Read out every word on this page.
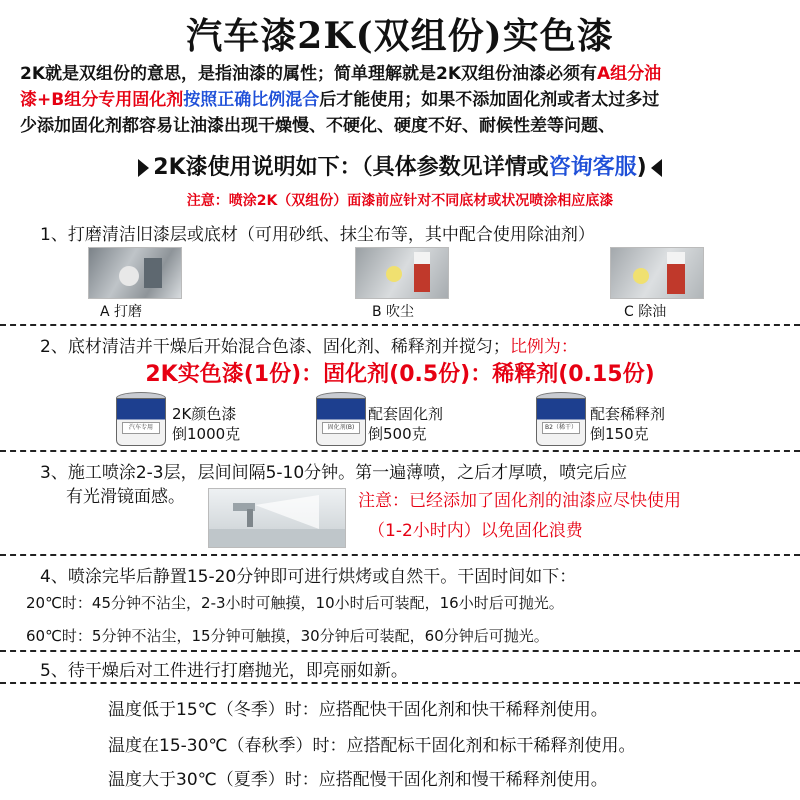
汽车漆2K(双组份)实色漆
2K就是双组份的意思，是指油漆的属性；简单理解就是2K双组份油漆必须有A组分油
漆+B组分专用固化剂按照正确比例混合后才能使用；如果不添加固化剂或者太过多过
少添加固化剂都容易让油漆出现干燥慢、不硬化、硬度不好、耐候性差等问题、
2K漆使用说明如下：（具体参数见详情或咨询客服)
注意：喷涂2K（双组份）面漆前应针对不同底材或状况喷涂相应底漆
1、打磨清洁旧漆层或底材（可用砂纸、抹尘布等，其中配合使用除油剂）
A 打磨	B 吹尘	C 除油
2、底材清洁并干燥后开始混合色漆、固化剂、稀释剂并搅匀；比例为：
2K实色漆(1份)：固化剂(0.5份)：稀释剂(0.15份)
汽车专用
2K颜色漆
倒1000克	固化剂(B)
配套固化剂
倒500克	B2（稀干）
配套稀释剂
倒150克
3、施工喷涂2-3层，层间间隔5-10分钟。第一遍薄喷，之后才厚喷，喷完后应
有光滑镜面感。	注意：已经添加了固化剂的油漆应尽快使用
（1-2小时内）以免固化浪费
4、喷涂完毕后静置15-20分钟即可进行烘烤或自然干。干固时间如下：
20℃时：45分钟不沾尘，2-3小时可触摸，10小时后可装配，16小时后可抛光。
60℃时：5分钟不沾尘，15分钟可触摸，30分钟后可装配，60分钟后可抛光。
5、待干燥后对工件进行打磨抛光，即亮丽如新。
温度低于15℃（冬季）时：应搭配快干固化剂和快干稀释剂使用。
温度在15-30℃（春秋季）时：应搭配标干固化剂和标干稀释剂使用。
温度大于30℃（夏季）时：应搭配慢干固化剂和慢干稀释剂使用。
